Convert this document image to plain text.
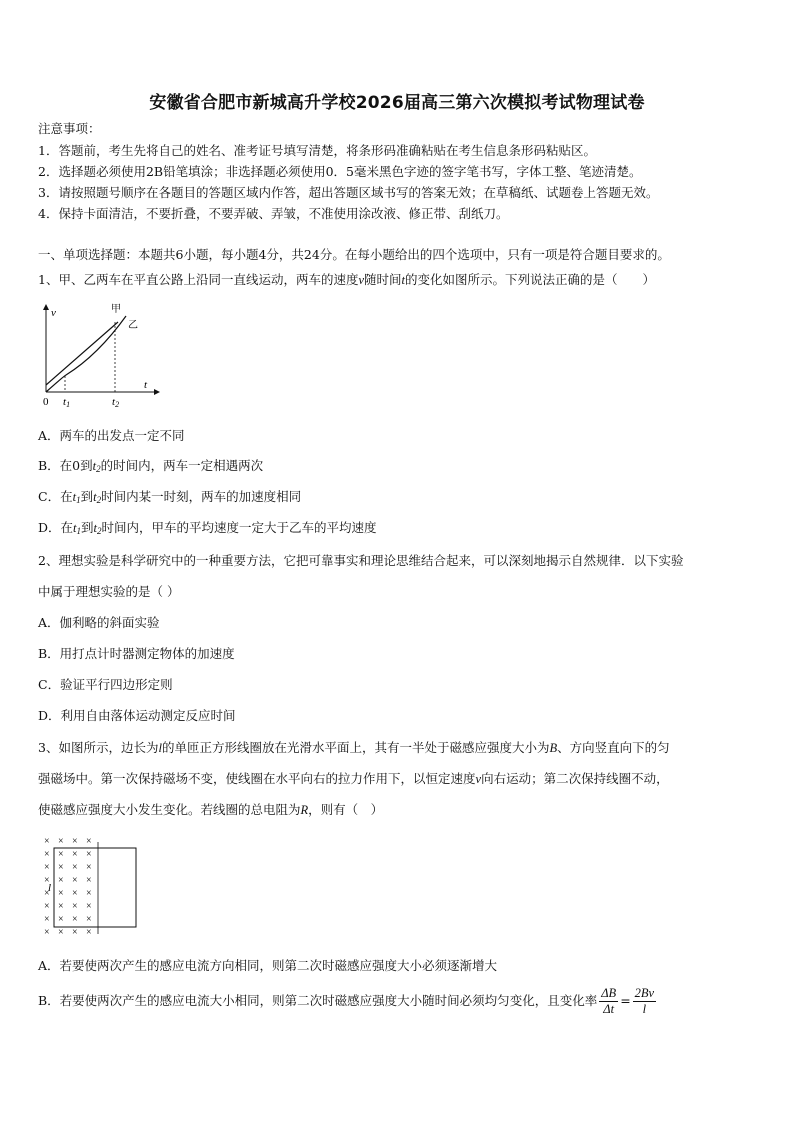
安徽省合肥市新城高升学校2026届高三第六次模拟考试物理试卷
注意事项：
1．答题前，考生先将自己的姓名、准考证号填写清楚，将条形码准确粘贴在考生信息条形码粘贴区。
2．选择题必须使用2B铅笔填涂；非选择题必须使用0．5毫米黑色字迹的签字笔书写，字体工整、笔迹清楚。
3．请按照题号顺序在各题目的答题区域内作答，超出答题区域书写的答案无效；在草稿纸、试题卷上答题无效。
4．保持卡面清洁，不要折叠，不要弄破、弄皱，不准使用涂改液、修正带、刮纸刀。
一、单项选择题：本题共6小题，每小题4分，共24分。在每小题给出的四个选项中，只有一项是符合题目要求的。
1、甲、乙两车在平直公路上沿同一直线运动，两车的速度v随时间t的变化如图所示。下列说法正确的是（　　）
v
t
0 t1	t2
甲
乙
A．两车的出发点一定不同
B．在0到$t_2$的时间内，两车一定相遇两次
C．在$t_1$到$t_2$时间内某一时刻，两车的加速度相同
D．在$t_1$到$t_2$时间内，甲车的平均速度一定大于乙车的平均速度
2、理想实验是科学研究中的一种重要方法，它把可靠事实和理论思维结合起来，可以深刻地揭示自然规律．以下实验
中属于理想实验的是（ ）
A．伽利略的斜面实验
B．用打点计时器测定物体的加速度
C．验证平行四边形定则
D．利用自由落体运动测定反应时间
3、如图所示，边长为l的单匝正方形线圈放在光滑水平面上，其有一半处于磁感应强度大小为B、方向竖直向下的匀
强磁场中。第一次保持磁场不变，使线圈在水平向右的拉力作用下，以恒定速度v向右运动；第二次保持线圈不动，
使磁感应强度大小发生变化。若线圈的总电阻为R，则有（　）
l
× × × ×
× × × ×
× × × ×
× × × ×
× × × ×
× × × ×
× × × ×
× × × ×
A．若要使两次产生的感应电流方向相同，则第二次时磁感应强度大小必须逐渐增大
B．若要使两次产生的感应电流大小相同，则第二次时磁感应强度大小随时间必须均匀变化，且变化率 $\frac{\Delta B}{\Delta t} = \frac{2Bv}{l}$
